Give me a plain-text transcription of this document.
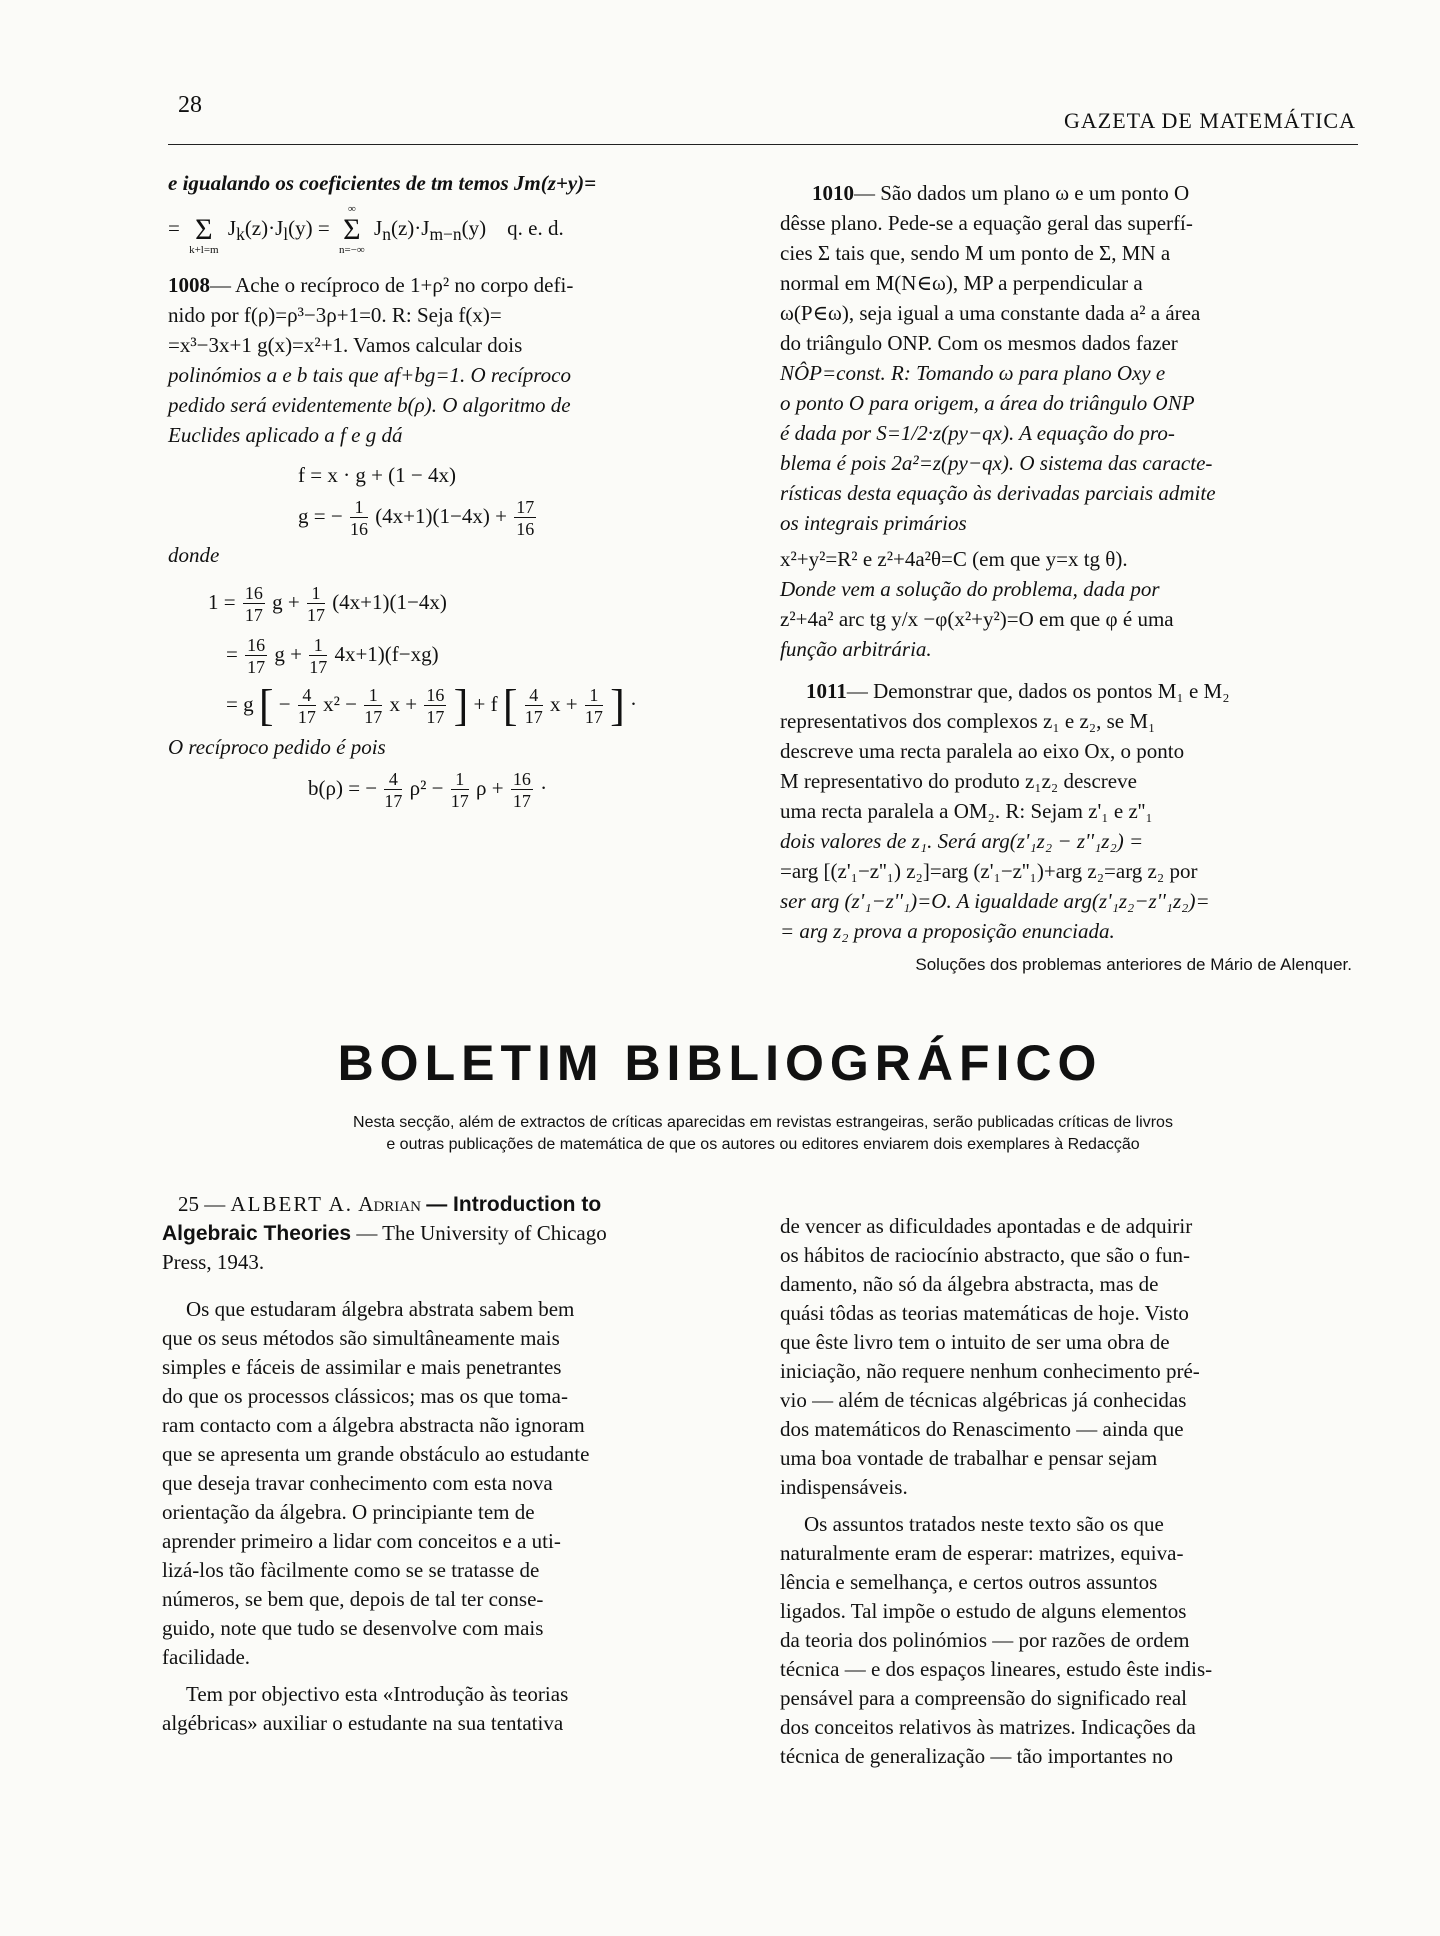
28
GAZETA DE MATEMÁTICA
e igualando os coeficientes de tm temos Jm(z+y)=
=
Σ
k+l=m
$J_k(z)\cdot J_l(y)$ =
∞
Σ
n=−∞
$J_n(z)\cdot J_{m-n}(y)$    q. e. d.
1008— Ache o recíproco de 1+ρ² no corpo defi-
nido por f(ρ)=ρ³−3ρ+1=0. R: Seja f(x)=
=x³−3x+1 g(x)=x²+1. Vamos calcular dois
polinómios a e b tais que af+bg=1. O recíproco
pedido será evidentemente b(ρ). O algoritmo de
Euclides aplicado a f e g dá
f = x · g + (1 − 4x)
g = − $\frac{1}{16} (4x+1)(1-4x) + \frac{17}{16}$
donde
$1 = \frac{16}{17}$ $g + \frac{1}{17} (4x+1)(1-4x)$
= $\frac{16}{17}$ $g + \frac{1}{17} 4x+1)(f-xg)$
= g [ − $\frac{4}{17} x^2 - \frac{1}{17}$ $x + \frac{16}{17}$ ] + f [ $\frac{4}{17}$ $x + \frac{1}{17}$ ] ·
O recíproco pedido é pois
b(ρ) = − $\frac{4}{17} \rho^2 - \frac{1}{17}$ $\rho + \frac{16}{17}$ ·
1010— São dados um plano ω e um ponto O
dêsse plano. Pede-se a equação geral das superfí-
cies Σ tais que, sendo M um ponto de Σ, MN a
normal em M(N∈ω), MP a perpendicular a
ω(P∈ω), seja igual a uma constante dada a² a área
do triângulo ONP. Com os mesmos dados fazer
NÔP=const. R: Tomando ω para plano Oxy e
o ponto O para origem, a área do triângulo ONP
é dada por S=1/2·z(py−qx). A equação do pro-
blema é pois 2a²=z(py−qx). O sistema das caracte-
rísticas desta equação às derivadas parciais admite
os integrais primários
x²+y²=R² e z²+4a²θ=C (em que y=x tg θ).
Donde vem a solução do problema, dada por
z²+4a² arc tg y/x −φ(x²+y²)=O em que φ é uma
função arbitrária.
1011— Demonstrar que, dados os pontos M₁ e M₂
representativos dos complexos z₁ e z₂, se M₁
descreve uma recta paralela ao eixo Ox, o ponto
M representativo do produto z₁z₂ descreve
uma recta paralela a OM₂. R: Sejam z'₁ e z''₁
dois valores de z₁. Será arg(z'₁z₂ − z''₁z₂) =
=arg [(z'₁−z''₁) z₂]=arg (z'₁−z''₁)+arg z₂=arg z₂ por
ser arg (z'₁−z''₁)=O. A igualdade arg(z'₁z₂−z''₁z₂)=
= arg z₂ prova a proposição enunciada.
Soluções dos problemas anteriores de Mário de Alenquer.
BOLETIM BIBLIOGRÁFICO
Nesta secção, além de extractos de críticas aparecidas em revistas estrangeiras, serão publicadas críticas de livros
e outras publicações de matemática de que os autores ou editores enviarem dois exemplares à Redacção
25 — ALBERT A. Adrian — Introduction to
Algebraic Theories — The University of Chicago
Press, 1943.
Os que estudaram álgebra abstrata sabem bem
que os seus métodos são simultâneamente mais
simples e fáceis de assimilar e mais penetrantes
do que os processos clássicos; mas os que toma-
ram contacto com a álgebra abstracta não ignoram
que se apresenta um grande obstáculo ao estudante
que deseja travar conhecimento com esta nova
orientação da álgebra. O principiante tem de
aprender primeiro a lidar com conceitos e a uti-
lizá-los tão fàcilmente como se se tratasse de
números, se bem que, depois de tal ter conse-
guido, note que tudo se desenvolve com mais
facilidade.
Tem por objectivo esta «Introdução às teorias
algébricas» auxiliar o estudante na sua tentativa
de vencer as dificuldades apontadas e de adquirir
os hábitos de raciocínio abstracto, que são o fun-
damento, não só da álgebra abstracta, mas de
quási tôdas as teorias matemáticas de hoje. Visto
que êste livro tem o intuito de ser uma obra de
iniciação, não requere nenhum conhecimento pré-
vio — além de técnicas algébricas já conhecidas
dos matemáticos do Renascimento — ainda que
uma boa vontade de trabalhar e pensar sejam
indispensáveis.
Os assuntos tratados neste texto são os que
naturalmente eram de esperar: matrizes, equiva-
lência e semelhança, e certos outros assuntos
ligados. Tal impõe o estudo de alguns elementos
da teoria dos polinómios — por razões de ordem
técnica — e dos espaços lineares, estudo êste indis-
pensável para a compreensão do significado real
dos conceitos relativos às matrizes. Indicações da
técnica de generalização — tão importantes no
